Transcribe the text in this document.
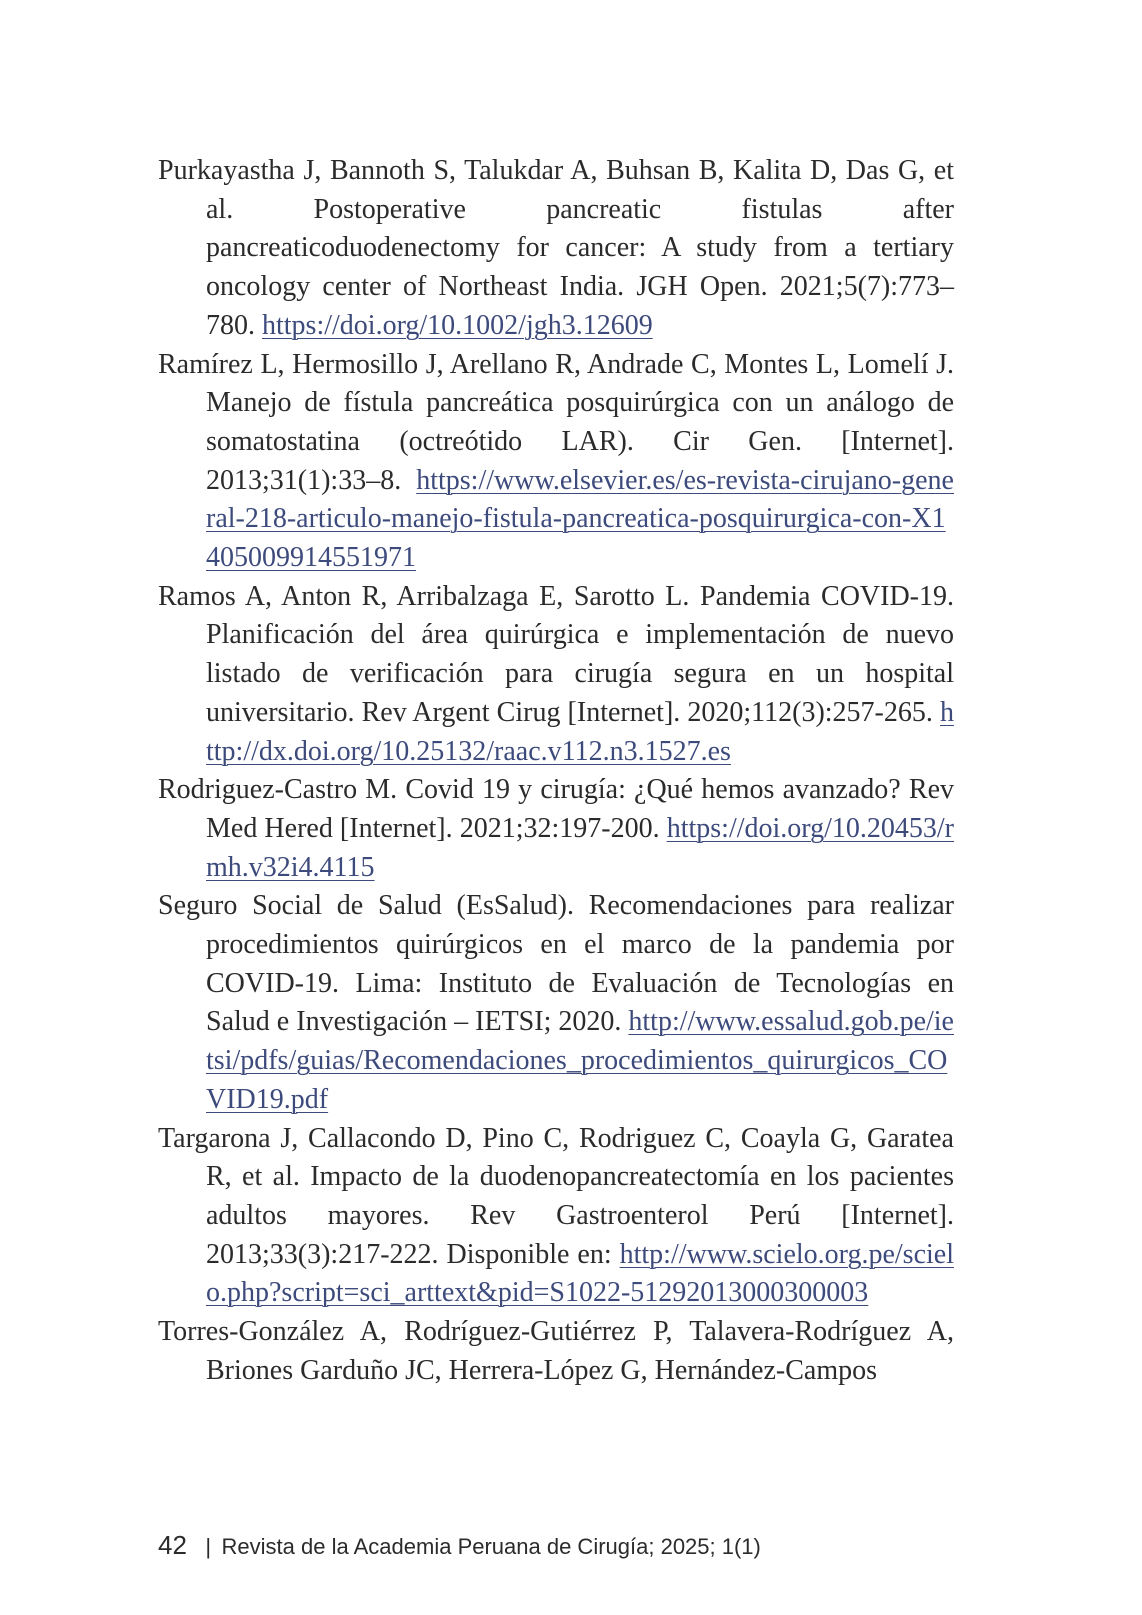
Purkayastha J, Bannoth S, Talukdar A, Buhsan B, Kalita D, Das G, et al. Postoperative pancreatic fistulas after pancreaticoduodenectomy for cancer: A study from a tertiary oncology center of Northeast India. JGH Open. 2021;5(7):773–780. https://doi.org/10.1002/jgh3.12609

Ramírez L, Hermosillo J, Arellano R, Andrade C, Montes L, Lomelí J. Manejo de fístula pancreática posquirúrgica con un análogo de somatostatina (octreótido LAR). Cir Gen. [Internet]. 2013;31(1):33–8. https://www.elsevier.es/es-revista-cirujano-general-218-articulo-manejo-fistula-pancreatica-posquirurgica-con-X1405009914551971

Ramos A, Anton R, Arribalzaga E, Sarotto L. Pandemia COVID-19. Planificación del área quirúrgica e implementación de nuevo listado de verificación para cirugía segura en un hospital universitario. Rev Argent Cirug [Internet]. 2020;112(3):257-265. http://dx.doi.org/10.25132/raac.v112.n3.1527.es

Rodriguez-Castro M. Covid 19 y cirugía: ¿Qué hemos avanzado? Rev Med Hered [Internet]. 2021;32:197-200. https://doi.org/10.20453/rmh.v32i4.4115

Seguro Social de Salud (EsSalud). Recomendaciones para realizar procedimientos quirúrgicos en el marco de la pandemia por COVID-19. Lima: Instituto de Evaluación de Tecnologías en Salud e Investigación – IETSI; 2020. http://www.essalud.gob.pe/ietsi/pdfs/guias/Recomendaciones_procedimientos_quirurgicos_COVID19.pdf

Targarona J, Callacondo D, Pino C, Rodriguez C, Coayla G, Garatea R, et al. Impacto de la duodenopancreatectomía en los pacientes adultos mayores. Rev Gastroenterol Perú [Internet]. 2013;33(3):217-222. Disponible en: http://www.scielo.org.pe/scielo.php?script=sci_arttext&pid=S1022-51292013000300003

Torres-González A, Rodríguez-Gutiérrez P, Talavera-Rodríguez A, Briones Garduño JC, Herrera-López G, Hernández-Campos

42 | Revista de la Academia Peruana de Cirugía; 2025; 1(1)
